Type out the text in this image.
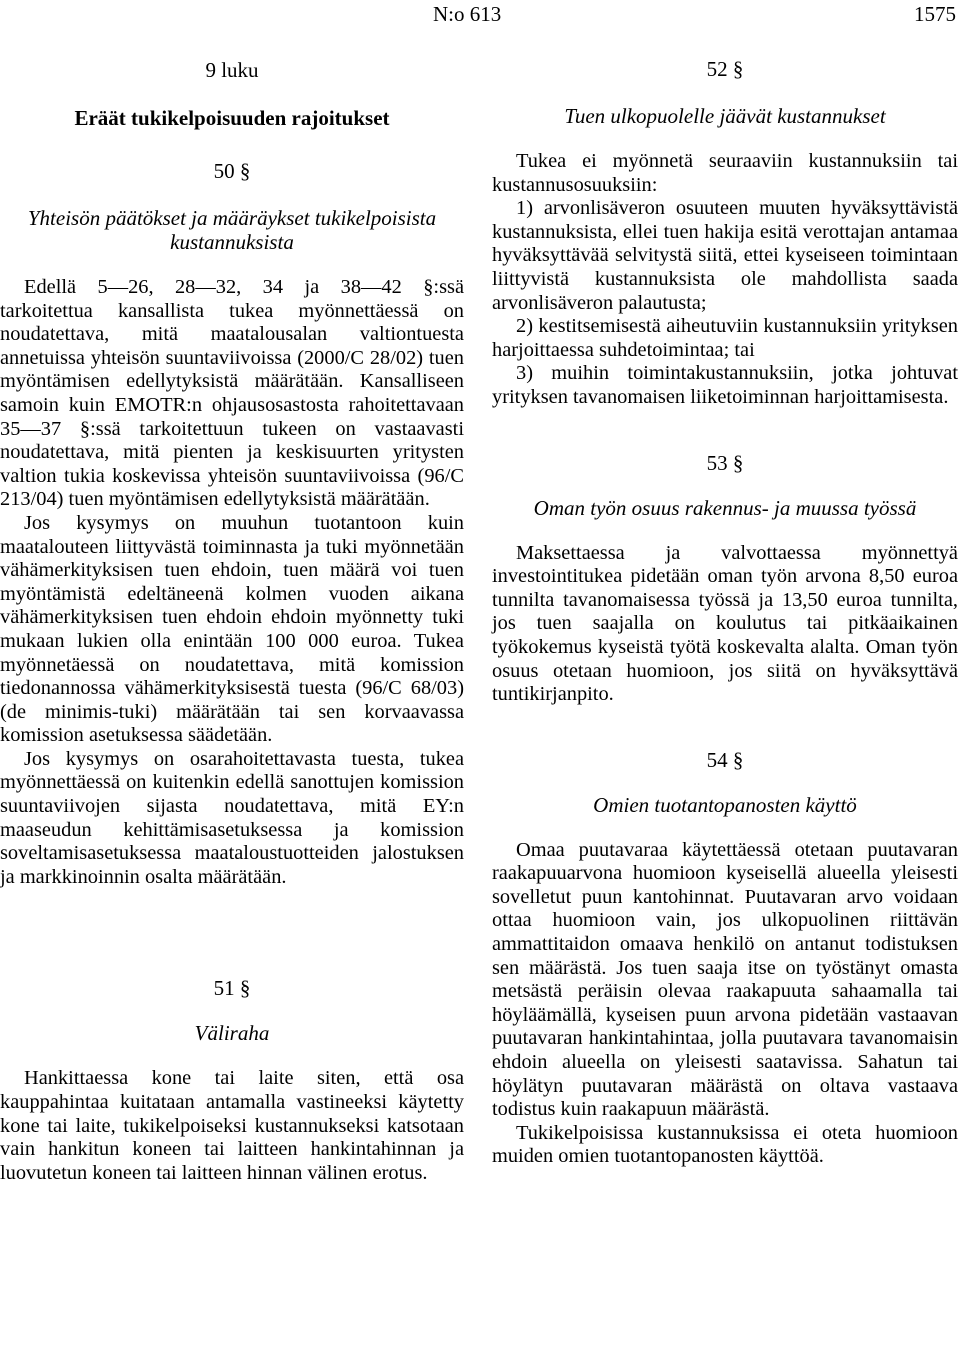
N:o 613	1575
9 luku
Eräät tukikelpoisuuden rajoitukset
50 §
Yhteisön päätökset ja määräykset tukikelpoisista kustannuksista

Edellä 5—26, 28—32, 34 ja 38—42 §:ssä tarkoitettua kansallista tukea myönnettäessä on noudatettava, mitä maatalousalan valtiontuesta annetuissa yhteisön suuntaviivoissa (2000/C 28/02) tuen myöntämisen edellytyksistä määrätään. Kansalliseen samoin kuin EMOTR:n ohjausosastosta rahoitettavaan 35—37 §:ssä tarkoitettuun tukeen on vastaavasti noudatettava, mitä pienten ja keskisuurten yritysten valtion tukia koskevissa yhteisön suuntaviivoissa (96/C 213/04) tuen myöntämisen edellytyksistä määrätään.

Jos kysymys on muuhun tuotantoon kuin maatalouteen liittyvästä toiminnasta ja tuki myönnetään vähämerkityksisen tuen ehdoin, tuen määrä voi tuen myöntämistä edeltäneenä kolmen vuoden aikana vähämerkityksisen tuen ehdoin ehdoin myönnetty tuki mukaan lukien olla enintään 100 000 euroa. Tukea myönnetäessä on noudatettava, mitä komission tiedonannossa vähämerkityksisestä tuesta (96/C 68/03) (de minimis-tuki) määrätään tai sen korvaavassa komission asetuksessa säädetään.

Jos kysymys on osarahoitettavasta tuesta, tukea myönnettäessä on kuitenkin edellä sanottujen komission suuntaviivojen sijasta noudatettava, mitä EY:n maaseudun kehittämisasetuksessa ja komission soveltamisasetuksessa maataloustuotteiden jalostuksen ja markkinoinnin osalta määrätään.

51 §
Väliraha

Hankittaessa kone tai laite siten, että osa kauppahintaa kuitataan antamalla vastineeksi käytetty kone tai laite, tukikelpoiseksi kustannukseksi katsotaan vain hankitun koneen tai laitteen hankintahinnan ja luovutetun koneen tai laitteen hinnan välinen erotus.

52 §
Tuen ulkopuolelle jäävät kustannukset

Tukea ei myönnetä seuraaviin kustannuksiin tai kustannusosuuksiin:

1) arvonlisäveron osuuteen muuten hyväksyttävistä kustannuksista, ellei tuen hakija esitä verottajan antamaa hyväksyttävää selvitystä siitä, ettei kyseiseen toimintaan liittyvistä kustannuksista ole mahdollista saada arvonlisäveron palautusta;

2) kestitsemisestä aiheutuviin kustannuksiin yrityksen harjoittaessa suhdetoimintaa; tai

3) muihin toimintakustannuksiin, jotka johtuvat yrityksen tavanomaisen liiketoiminnan harjoittamisesta.

53 §
Oman työn osuus rakennus- ja muussa työssä

Maksettaessa ja valvottaessa myönnettyä investointitukea pidetään oman työn arvona 8,50 euroa tunnilta tavanomaisessa työssä ja 13,50 euroa tunnilta, jos tuen saajalla on koulutus tai pitkäaikainen työkokemus kyseistä työtä koskevalta alalta. Oman työn osuus otetaan huomioon, jos siitä on hyväksyttävä tuntikirjanpito.

54 §
Omien tuotantopanosten käyttö

Omaa puutavaraa käytettäessä otetaan puutavaran raakapuuarvona huomioon kyseisellä alueella yleisesti sovelletut puun kantohinnat. Puutavaran arvo voidaan ottaa huomioon vain, jos ulkopuolinen riittävän ammattitaidon omaava henkilö on antanut todistuksen sen määrästä. Jos tuen saaja itse on työstänyt omasta metsästä peräisin olevaa raakapuuta sahaamalla tai höyläämällä, kyseisen puun arvona pidetään vastaavan puutavaran hankintahintaa, jolla puutavara tavanomaisin ehdoin alueella on yleisesti saatavissa. Sahatun tai höylätyn puutavaran määrästä on oltava vastaava todistus kuin raakapuun määrästä.

Tukikelpoisissa kustannuksissa ei oteta huomioon muiden omien tuotantopanosten käyttöä.
